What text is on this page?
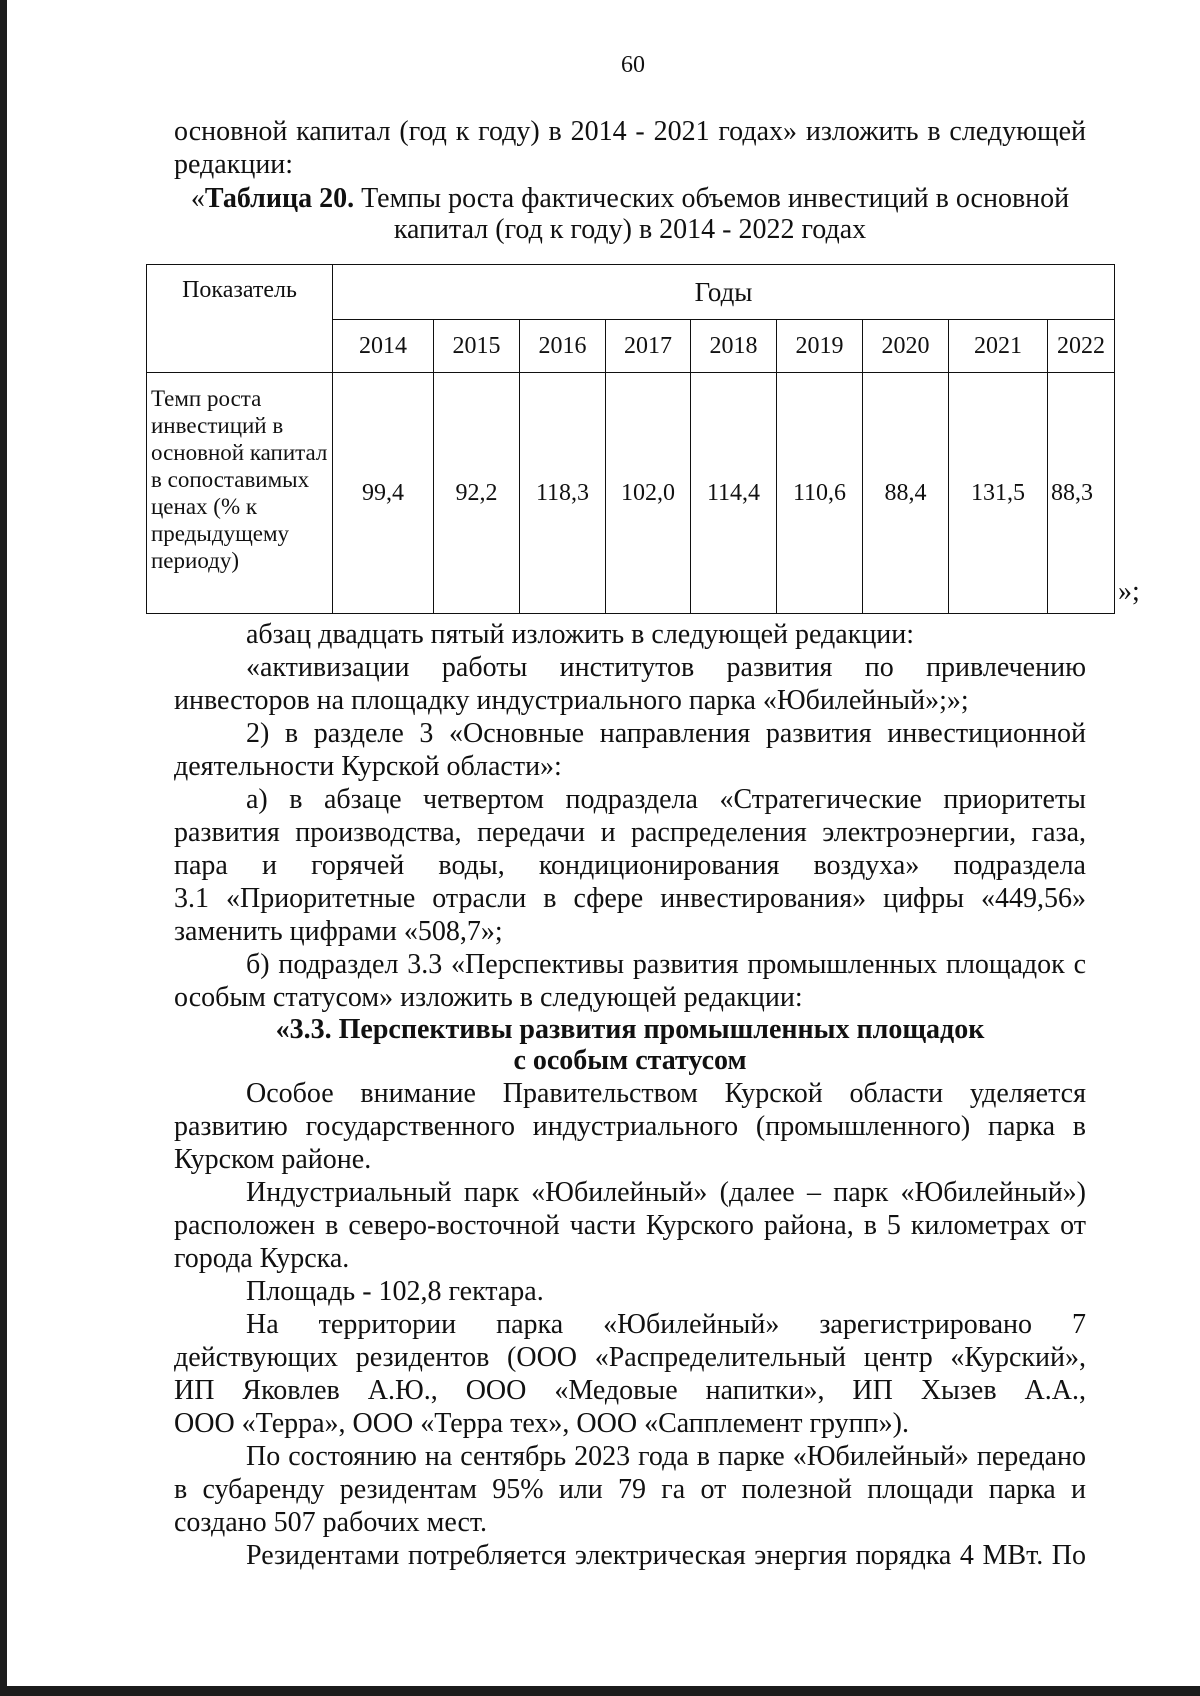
60
основной капитал (год к году) в 2014 - 2021 годах» изложить в следующей
редакции:
«Таблица 20. Темпы роста фактических объемов инвестиций в основной
капитал (год к году) в 2014 - 2022 годах
Показатель	Годы								
	2014	2015	2016	2017	2018	2019	2020	2021	2022
Темп роста инвестиций в основной капитал в сопоставимых ценах (% к предыдущему периоду)	99,4	92,2	118,3	102,0	114,4	110,6	88,4	131,5	88,3
»;
абзац двадцать пятый изложить в следующей редакции:
«активизации работы институтов развития по привлечению
инвесторов на площадку индустриального парка «Юбилейный»;»;
2) в разделе 3 «Основные направления развития инвестиционной
деятельности Курской области»:
а) в абзаце четвертом подраздела «Стратегические приоритеты
развития производства, передачи и распределения электроэнергии, газа,
пара и горячей воды, кондиционирования воздуха» подраздела
3.1 «Приоритетные отрасли в сфере инвестирования» цифры «449,56»
заменить цифрами «508,7»;
б) подраздел 3.3 «Перспективы развития промышленных площадок с
особым статусом» изложить в следующей редакции:
«3.3. Перспективы развития промышленных площадок
с особым статусом
Особое внимание Правительством Курской области уделяется
развитию государственного индустриального (промышленного) парка в
Курском районе.
Индустриальный парк «Юбилейный» (далее – парк «Юбилейный»)
расположен в северо-восточной части Курского района, в 5 километрах от
города Курска.
Площадь - 102,8 гектара.
На территории парка «Юбилейный» зарегистрировано 7
действующих резидентов (ООО «Распределительный центр «Курский»,
ИП Яковлев А.Ю., ООО «Медовые напитки», ИП Хызев А.А.,
ООО «Терра», ООО «Терра тех», ООО «Сапплемент групп»).
По состоянию на сентябрь 2023 года в парке «Юбилейный» передано
в субаренду резидентам 95% или 79 га от полезной площади парка и
создано 507 рабочих мест.
Резидентами потребляется электрическая энергия порядка 4 МВт. По
